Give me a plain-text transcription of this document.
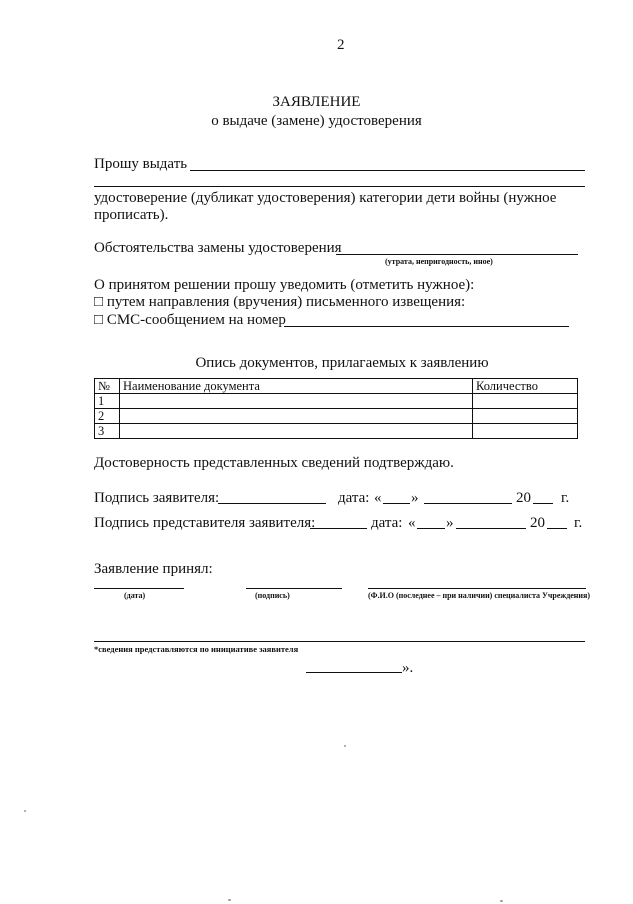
2
ЗАЯВЛЕНИЕ
о выдаче (замене) удостоверения
Прошу выдать
удостоверение (дубликат удостоверения) категории дети войны (нужное
прописать).
Обстоятельства замены удостоверения
(утрата, непригодность, иное)
О принятом решении прошу уведомить (отметить нужное):
□ путем направления (вручения) письменного извещения:
□ СМС-сообщением на номер
Опись документов, прилагаемых к заявлению
№	Наименование документа	Количество
1		
2		
3		
Достоверность представленных сведений подтверждаю.
Подпись заявителя:	дата: « »	20 г.
Подпись представителя заявителя:	дата: « »	20 г.
Заявление принял:
(дата)	(подпись)	(Ф.И.О (последнее – при наличии) специалиста Учреждения)
*сведения представляются по инициативе заявителя
».
